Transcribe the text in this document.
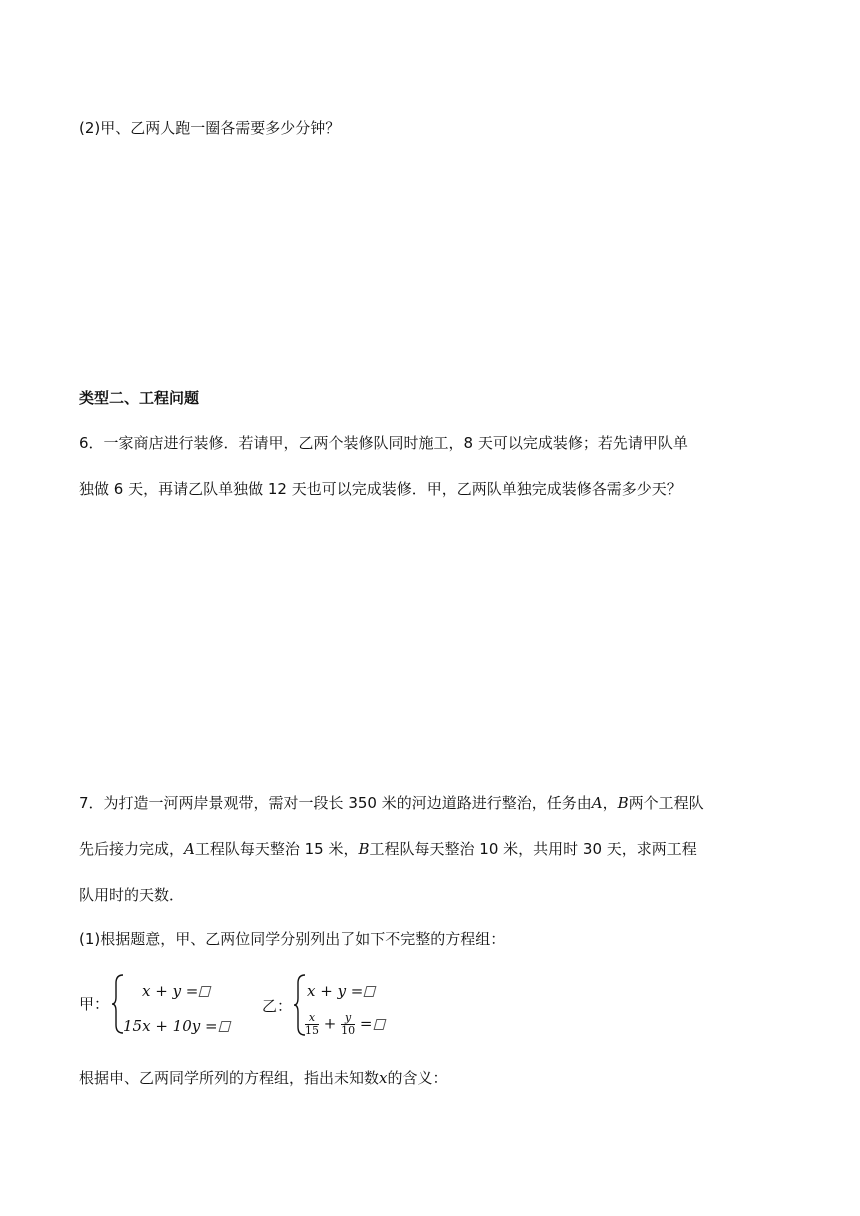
(2)甲、乙两人跑一圈各需要多少分钟？
类型二、工程问题
6．一家商店进行装修．若请甲，乙两个装修队同时施工，8 天可以完成装修；若先请甲队单
独做 6 天，再请乙队单独做 12 天也可以完成装修．甲，乙两队单独完成装修各需多少天？
7．为打造一河两岸景观带，需对一段长 350 米的河边道路进行整治，任务由A，B两个工程队
先后接力完成，A工程队每天整治 15 米，B工程队每天整治 10 米，共用时 30 天，求两工程
队用时的天数．
(1)根据题意，甲、乙两位同学分别列出了如下不完整的方程组：
甲：
x + y =
15x + 10y =
乙：
x + y =
$\frac{x}{15} + \frac{y}{10}$ =
根据申、乙两同学所列的方程组，指出未知数x的含义：
